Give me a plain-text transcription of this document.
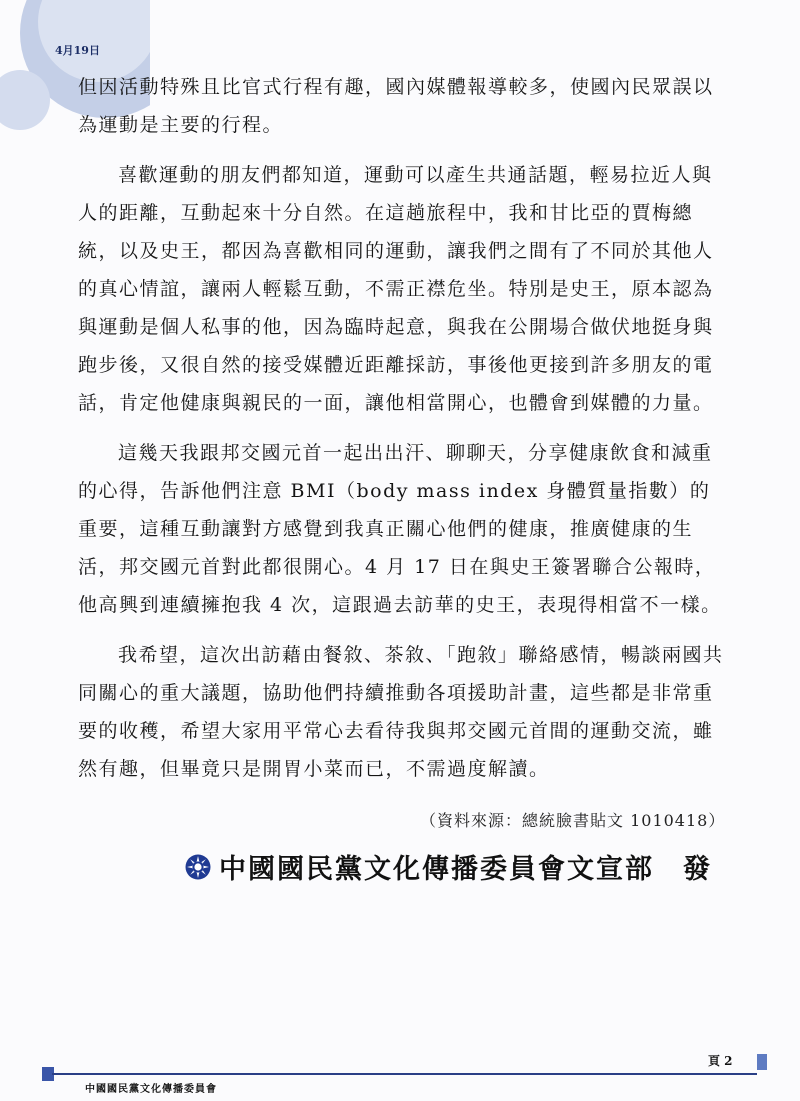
4月19日

但因活動特殊且比官式行程有趣，國內媒體報導較多，使國內民眾誤以為運動是主要的行程。

喜歡運動的朋友們都知道，運動可以產生共通話題，輕易拉近人與人的距離，互動起來十分自然。在這趟旅程中，我和甘比亞的賈梅總統，以及史王，都因為喜歡相同的運動，讓我們之間有了不同於其他人的真心情誼，讓兩人輕鬆互動，不需正襟危坐。特別是史王，原本認為與運動是個人私事的他，因為臨時起意，與我在公開場合做伏地挺身與跑步後，又很自然的接受媒體近距離採訪，事後他更接到許多朋友的電話，肯定他健康與親民的一面，讓他相當開心，也體會到媒體的力量。

這幾天我跟邦交國元首一起出出汗、聊聊天，分享健康飲食和減重的心得，告訴他們注意 BMI（body mass index 身體質量指數）的重要，這種互動讓對方感覺到我真正關心他們的健康，推廣健康的生活，邦交國元首對此都很開心。4 月 17 日在與史王簽署聯合公報時，他高興到連續擁抱我 4 次，這跟過去訪華的史王，表現得相當不一樣。

我希望，這次出訪藉由餐敘、茶敘、「跑敘」聯絡感情，暢談兩國共同關心的重大議題，協助他們持續推動各項援助計畫，這些都是非常重要的收穫，希望大家用平常心去看待我與邦交國元首間的運動交流，雖然有趣，但畢竟只是開胃小菜而已，不需過度解讀。

（資料來源：總統臉書貼文 1010418）
中國國民黨文化傳播委員會文宣部　發
中國國民黨文化傳播委員會
頁 2
